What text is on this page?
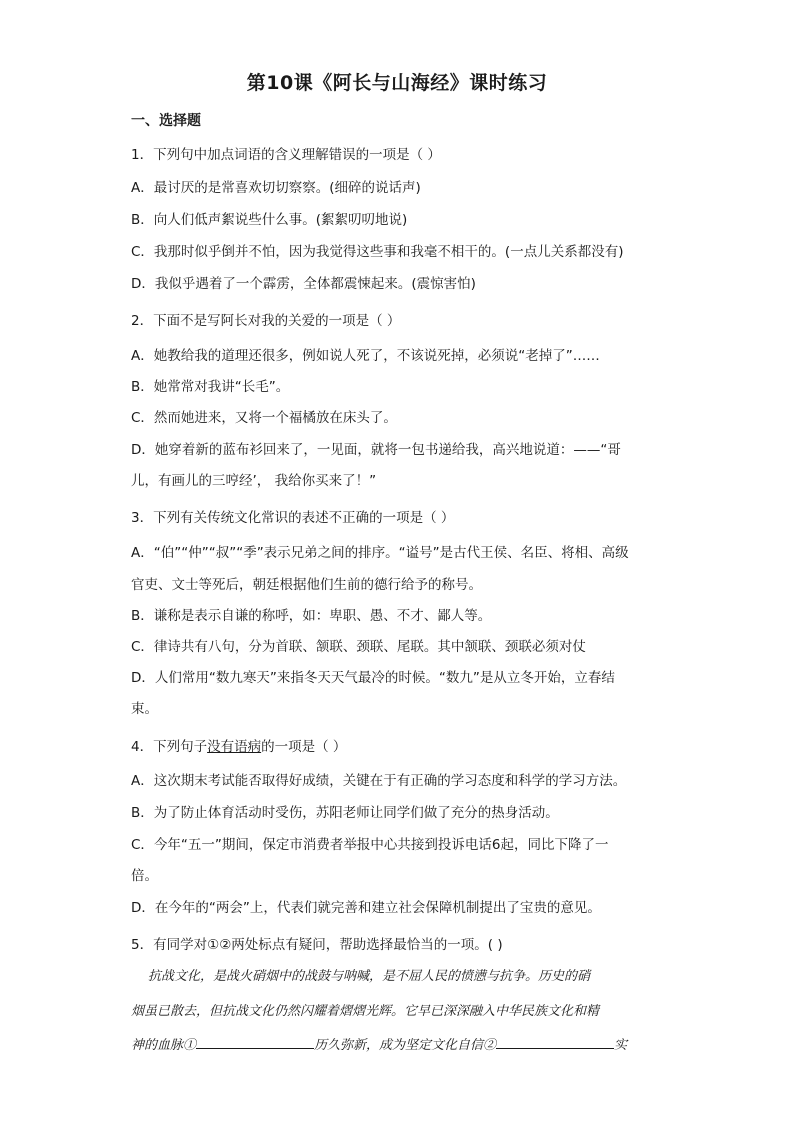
第10课《阿长与山海经》课时练习
一、选择题
1．下列句中加点词语的含义理解错误的一项是（ ）
A．最讨厌的是常喜欢切切察察。(细碎的说话声)
B．向人们低声絮说些什么事。(絮絮叨叨地说)
C．我那时似乎倒并不怕，因为我觉得这些事和我毫不相干的。(一点儿关系都没有)
D．我似乎遇着了一个霹雳，全体都震悚起来。(震惊害怕)
2．下面不是写阿长对我的关爱的一项是（ ）
A．她教给我的道理还很多，例如说人死了，不该说死掉，必须说“老掉了”……
B．她常常对我讲“长毛”。
C．然而她进来，又将一个福橘放在床头了。
D．她穿着新的蓝布衫回来了，一见面，就将一包书递给我，高兴地说道：——“哥
儿，有画儿的三哼经’， 我给你买来了！”
3．下列有关传统文化常识的表述不正确的一项是（ ）
A．“伯”“仲”“叔”“季”表示兄弟之间的排序。“谥号”是古代王侯、名臣、将相、高级
官吏、文士等死后，朝廷根据他们生前的德行给予的称号。
B．谦称是表示自谦的称呼，如：卑职、愚、不才、鄙人等。
C．律诗共有八句，分为首联、颔联、颈联、尾联。其中颔联、颈联必须对仗
D．人们常用“数九寒天”来指冬天天气最冷的时候。“数九”是从立冬开始，立春结
束。
4．下列句子没有语病的一项是（ ）
A．这次期末考试能否取得好成绩，关键在于有正确的学习态度和科学的学习方法。
B．为了防止体育活动时受伤，苏阳老师让同学们做了充分的热身活动。
C．今年“五一”期间，保定市消费者举报中心共接到投诉电话6起，同比下降了一
倍。
D．在今年的“两会”上，代表们就完善和建立社会保障机制提出了宝贵的意见。
5．有同学对①②两处标点有疑问，帮助选择最恰当的一项。( )
抗战文化，是战火硝烟中的战鼓与呐喊，是不屈人民的愤懑与抗争。历史的硝
烟虽已散去，但抗战文化仍然闪耀着熠熠光辉。它早已深深融入中华民族文化和精
神的血脉①	历久弥新，成为坚定文化自信②	实
